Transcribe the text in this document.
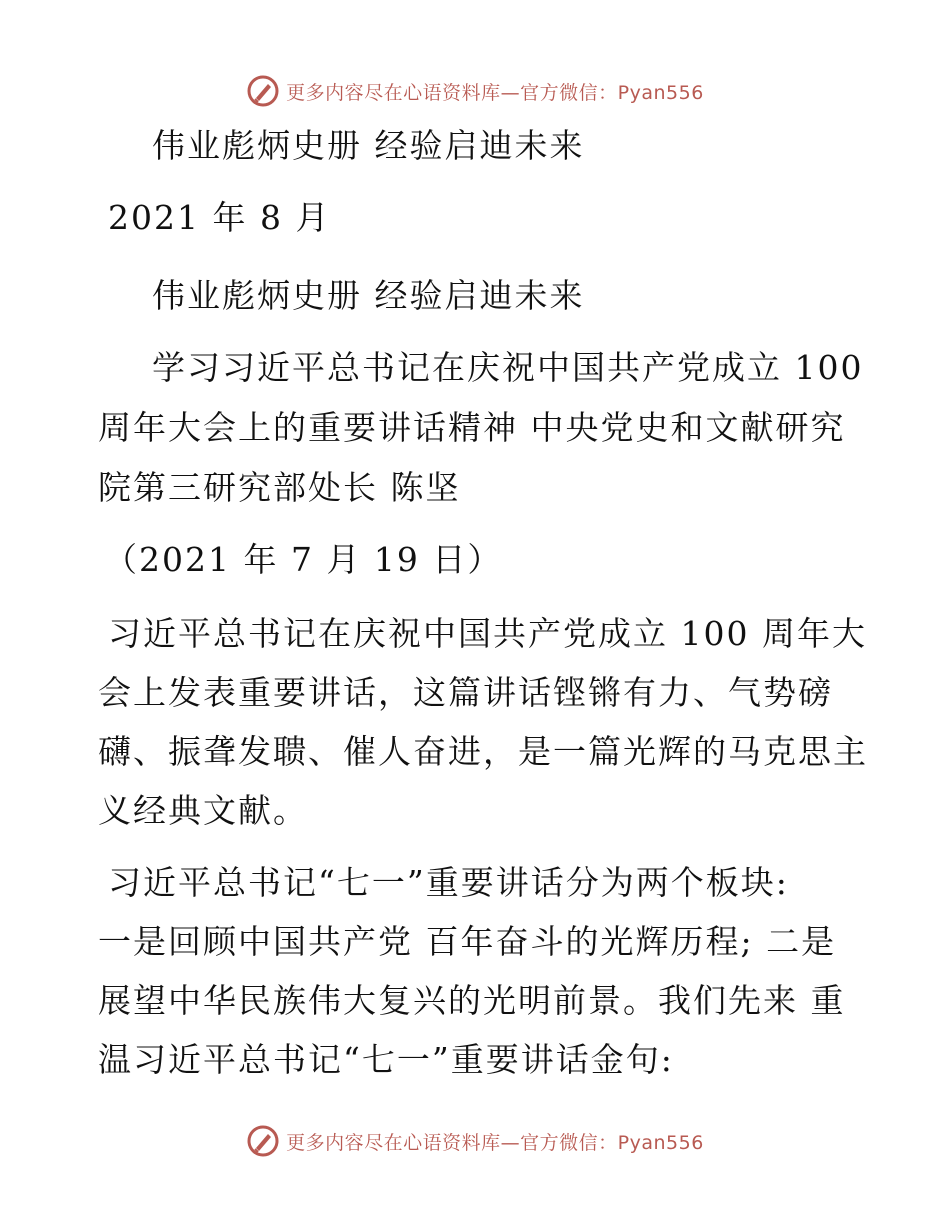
更多内容尽在心语资料库—官方微信：Pyan556
伟业彪炳史册 经验启迪未来
2021 年 8 月
伟业彪炳史册 经验启迪未来
学习习近平总书记在庆祝中国共产党成立 100
周年大会上的重要讲话精神 中央党史和文献研究
院第三研究部处长 陈坚
（2021 年 7 月 19 日）
习近平总书记在庆祝中国共产党成立 100 周年大
会上发表重要讲话，这篇讲话铿锵有力、气势磅
礴、振聋发聩、催人奋进，是一篇光辉的马克思主
义经典文献。
习近平总书记“七一”重要讲话分为两个板块:
一是回顾中国共产党 百年奋斗的光辉历程; 二是
展望中华民族伟大复兴的光明前景。我们先来 重
温习近平总书记“七一”重要讲话金句:
更多内容尽在心语资料库—官方微信：Pyan556
